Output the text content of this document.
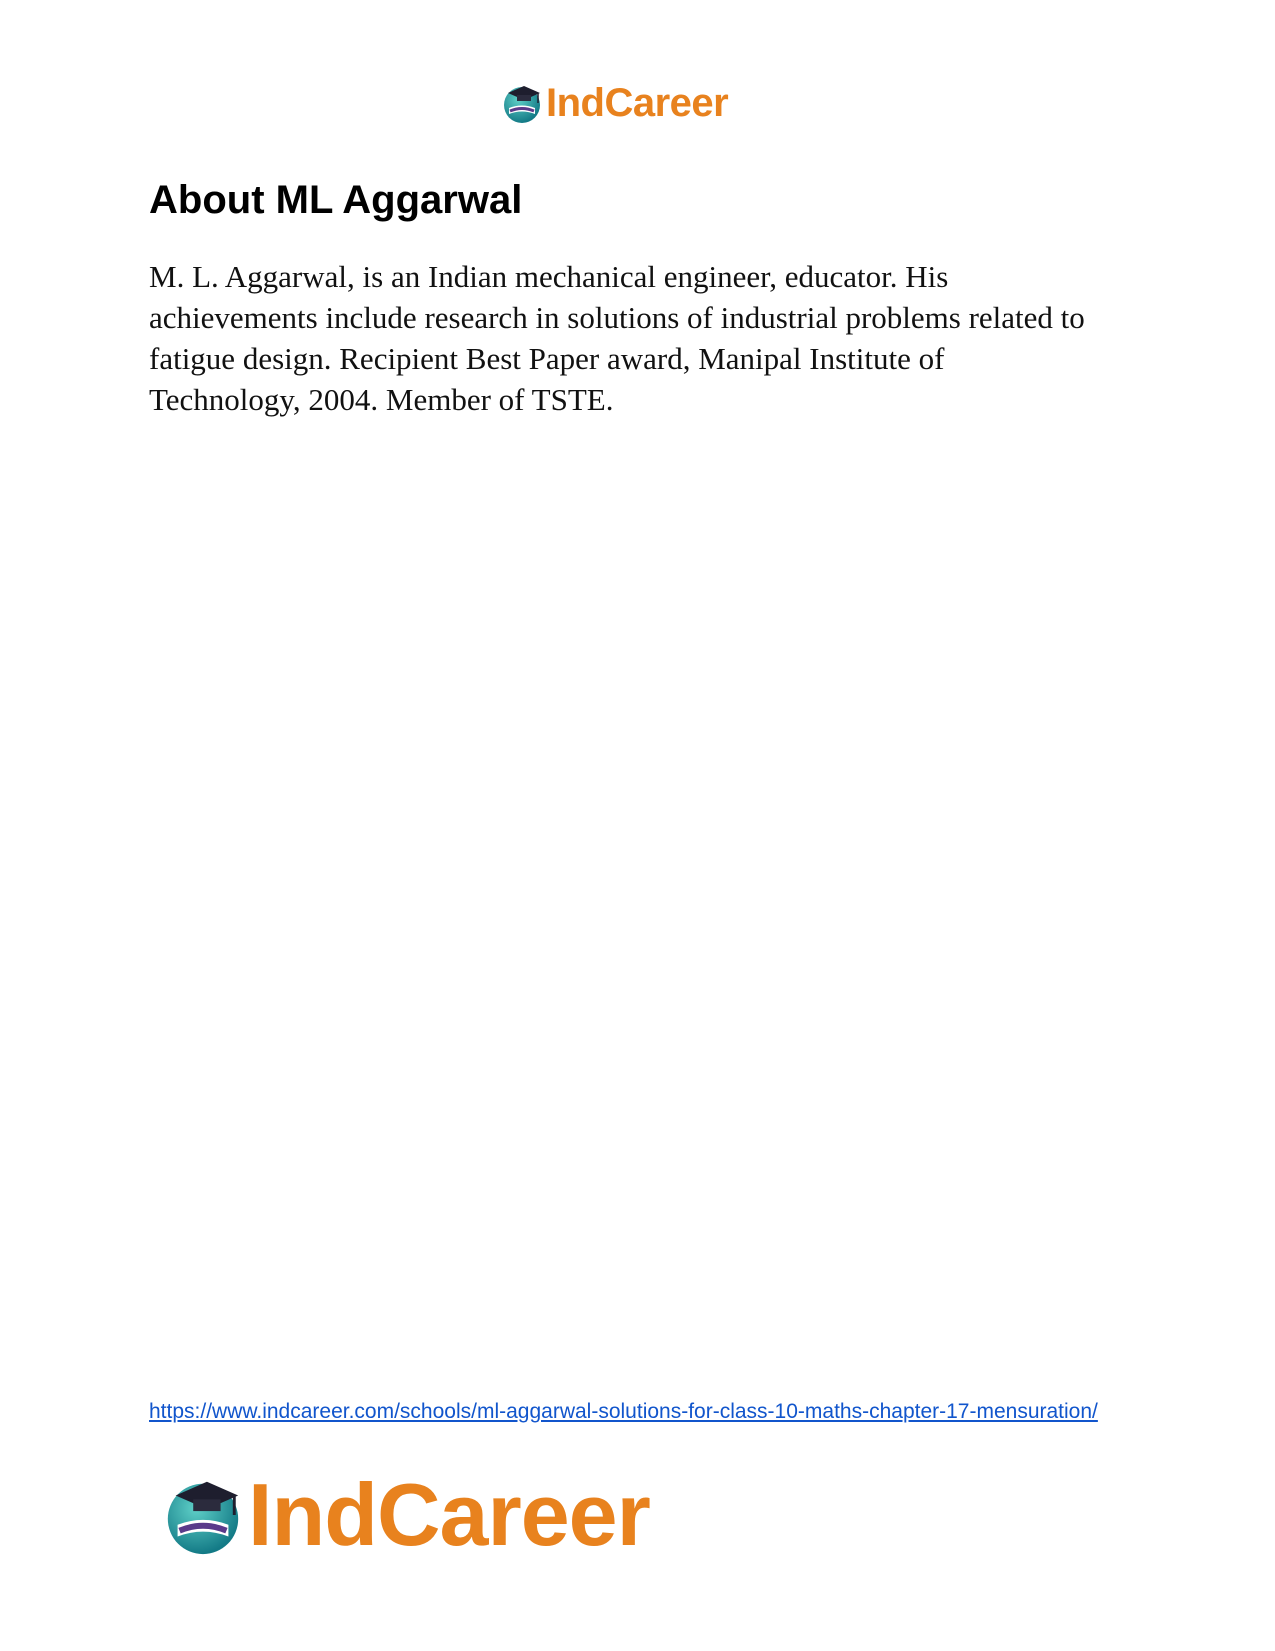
IndCareer
About ML Aggarwal

M. L. Aggarwal, is an Indian mechanical engineer, educator. His achievements include research in solutions of industrial problems related to fatigue design. Recipient Best Paper award, Manipal Institute of Technology, 2004. Member of TSTE.

https://www.indcareer.com/schools/ml-aggarwal-solutions-for-class-10-maths-chapter-17-mensuration/
IndCareer
